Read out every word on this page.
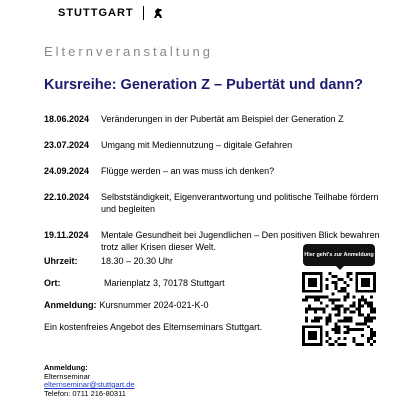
STUTTGART
Elternveranstaltung
Kursreihe: Generation Z – Pubertät und dann?
18.06.2024	Veränderungen in der Pubertät am Beispiel der Generation Z
23.07.2024	Umgang mit Mediennutzung – digitale Gefahren
24.09.2024	Flügge werden – an was muss ich denken?
22.10.2024	Selbstständigkeit, Eigenverantwortung und politische Teilhabe fördern und begleiten
19.11.2024	Mentale Gesundheit bei Jugendlichen – Den positiven Blick bewahren trotz aller Krisen dieser Welt.
Uhrzeit:	18.30 – 20.30 Uhr
Ort:	Marienplatz 3, 70178 Stuttgart
Anmeldung: Kursnummer 2024-021-K-0
Ein kostenfreies Angebot des Elternseminars Stuttgart.
Hier geht's zur Anmeldung
Anmeldung:
Elternseminar
elternseminar@stuttgart.de
Telefon: 0711 216-80311
